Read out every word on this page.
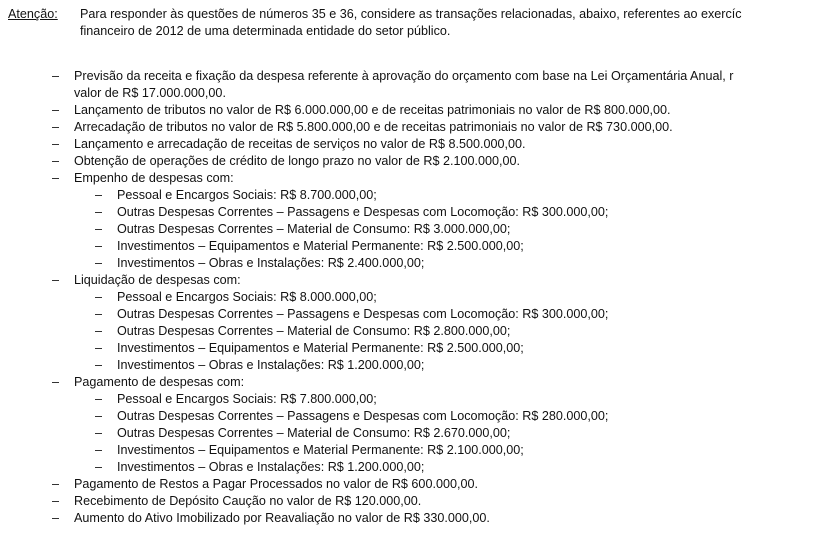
Atenção: Para responder às questões de números 35 e 36, considere as transações relacionadas, abaixo, referentes ao exercíc
financeiro de 2012 de uma determinada entidade do setor público.
– Previsão da receita e fixação da despesa referente à aprovação do orçamento com base na Lei Orçamentária Anual, r
valor de R$ 17.000.000,00.
– Lançamento de tributos no valor de R$ 6.000.000,00 e de receitas patrimoniais no valor de R$ 800.000,00.
– Arrecadação de tributos no valor de R$ 5.800.000,00 e de receitas patrimoniais no valor de R$ 730.000,00.
– Lançamento e arrecadação de receitas de serviços no valor de R$ 8.500.000,00.
– Obtenção de operações de crédito de longo prazo no valor de R$ 2.100.000,00.
– Empenho de despesas com:
– Pessoal e Encargos Sociais: R$ 8.700.000,00;
– Outras Despesas Correntes – Passagens e Despesas com Locomoção: R$ 300.000,00;
– Outras Despesas Correntes – Material de Consumo: R$ 3.000.000,00;
– Investimentos – Equipamentos e Material Permanente: R$ 2.500.000,00;
– Investimentos – Obras e Instalações: R$ 2.400.000,00;
– Liquidação de despesas com:
– Pessoal e Encargos Sociais: R$ 8.000.000,00;
– Outras Despesas Correntes – Passagens e Despesas com Locomoção: R$ 300.000,00;
– Outras Despesas Correntes – Material de Consumo: R$ 2.800.000,00;
– Investimentos – Equipamentos e Material Permanente: R$ 2.500.000,00;
– Investimentos – Obras e Instalações: R$ 1.200.000,00;
– Pagamento de despesas com:
– Pessoal e Encargos Sociais: R$ 7.800.000,00;
– Outras Despesas Correntes – Passagens e Despesas com Locomoção: R$ 280.000,00;
– Outras Despesas Correntes – Material de Consumo: R$ 2.670.000,00;
– Investimentos – Equipamentos e Material Permanente: R$ 2.100.000,00;
– Investimentos – Obras e Instalações: R$ 1.200.000,00;
– Pagamento de Restos a Pagar Processados no valor de R$ 600.000,00.
– Recebimento de Depósito Caução no valor de R$ 120.000,00.
– Aumento do Ativo Imobilizado por Reavaliação no valor de R$ 330.000,00.
